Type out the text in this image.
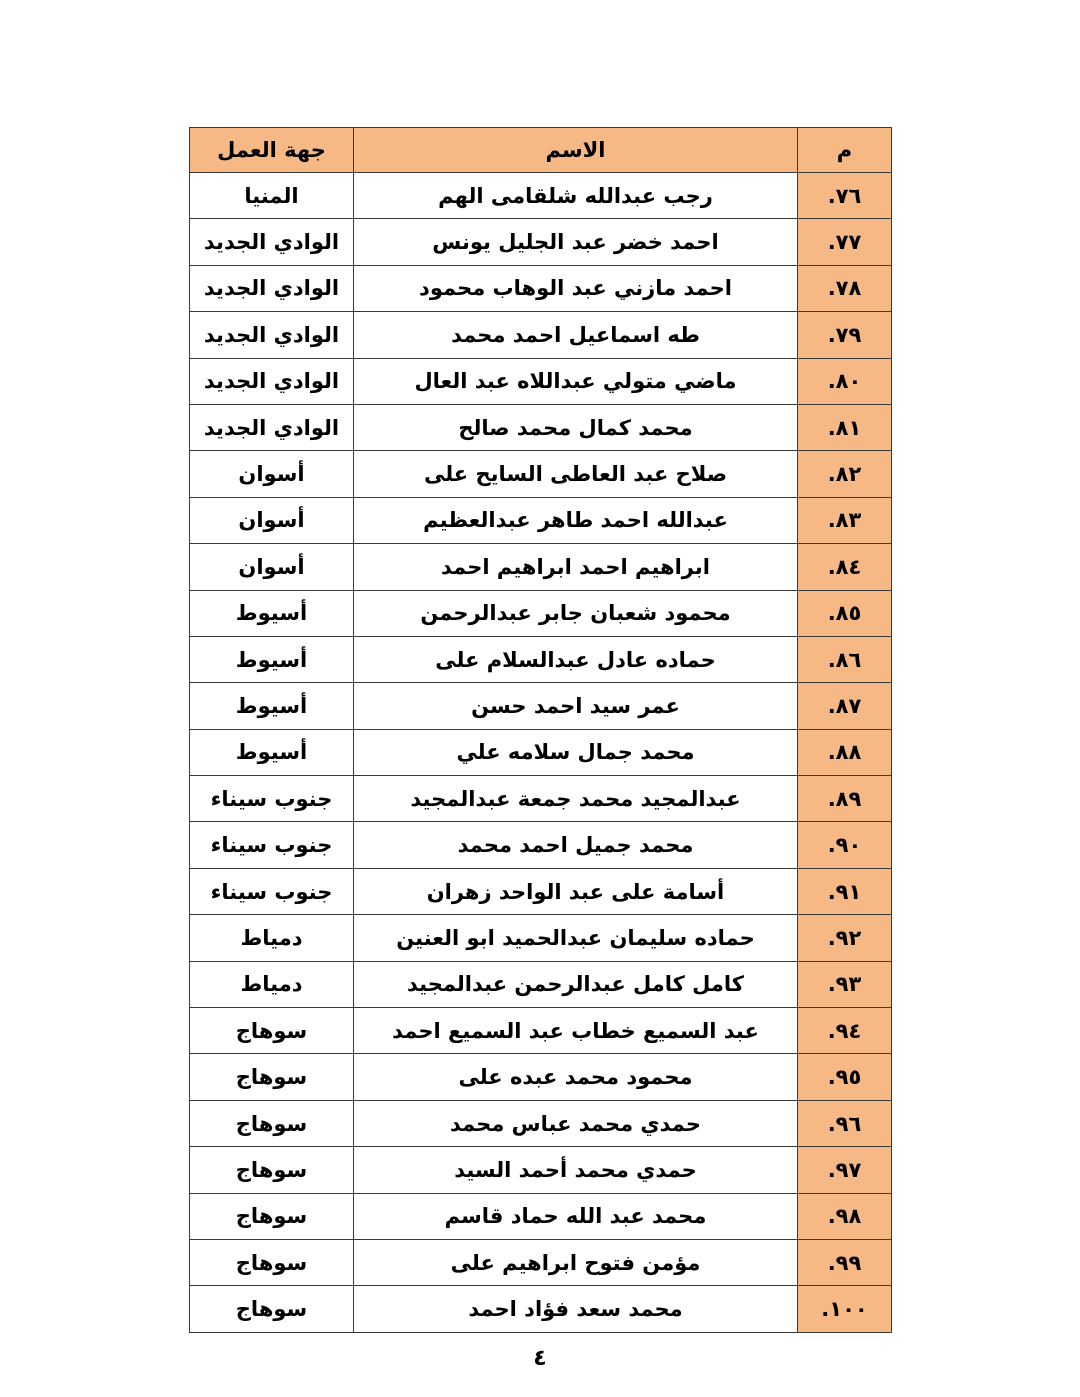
م	الاسم	جهة العمل
٧٦.	رجب عبدالله شلقامى الهم	المنيا
٧٧.	احمد خضر عبد الجليل يونس	الوادي الجديد
٧٨.	احمد مازني عبد الوهاب محمود	الوادي الجديد
٧٩.	طه اسماعيل احمد محمد	الوادي الجديد
٨٠.	ماضي متولي عبداللاه عبد العال	الوادي الجديد
٨١.	محمد كمال محمد صالح	الوادي الجديد
٨٢.	صلاح عبد العاطى السايح على	أسوان
٨٣.	عبدالله احمد طاهر عبدالعظيم	أسوان
٨٤.	ابراهيم احمد ابراهيم احمد	أسوان
٨٥.	محمود شعبان جابر عبدالرحمن	أسيوط
٨٦.	حماده عادل عبدالسلام على	أسيوط
٨٧.	عمر سيد احمد حسن	أسيوط
٨٨.	محمد جمال سلامه علي	أسيوط
٨٩.	عبدالمجيد محمد جمعة عبدالمجيد	جنوب سيناء
٩٠.	محمد جميل احمد محمد	جنوب سيناء
٩١.	أسامة على عبد الواحد زهران	جنوب سيناء
٩٢.	حماده سليمان عبدالحميد ابو العنين	دمياط
٩٣.	كامل كامل عبدالرحمن عبدالمجيد	دمياط
٩٤.	عبد السميع خطاب عبد السميع احمد	سوهاج
٩٥.	محمود محمد عبده على	سوهاج
٩٦.	حمدي محمد عباس محمد	سوهاج
٩٧.	حمدي محمد أحمد السيد	سوهاج
٩٨.	محمد عبد الله حماد قاسم	سوهاج
٩٩.	مؤمن فتوح ابراهيم على	سوهاج
١٠٠.	محمد سعد فؤاد احمد	سوهاج
٤
